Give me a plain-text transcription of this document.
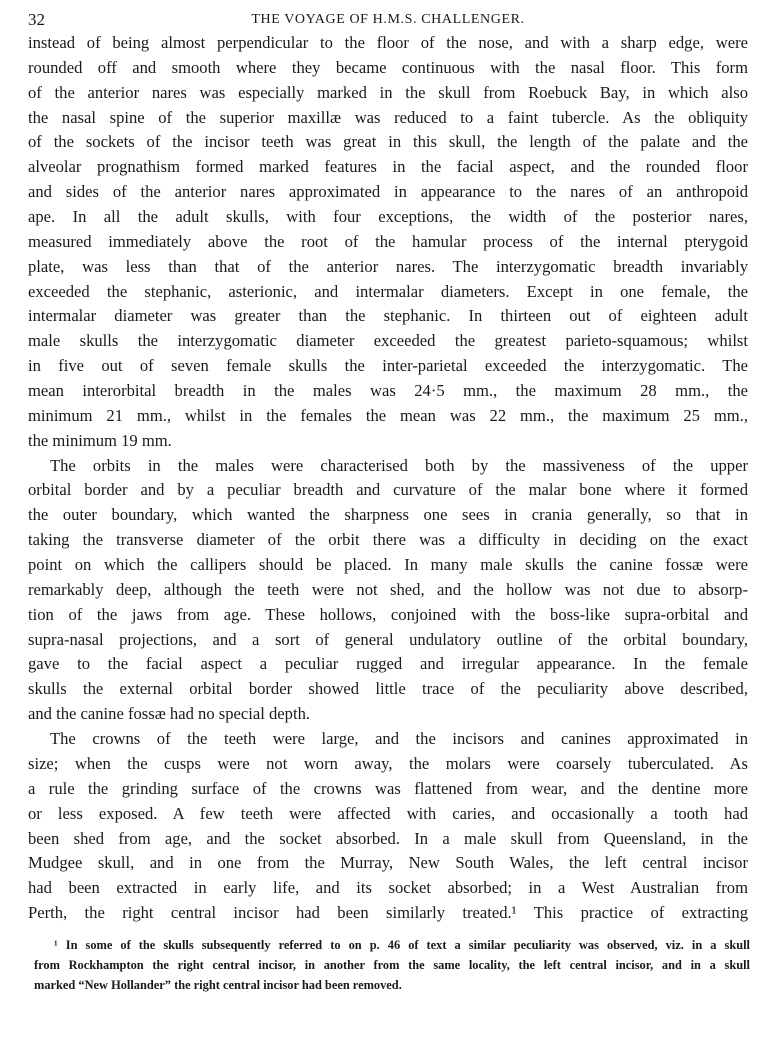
32	THE VOYAGE OF H.M.S. CHALLENGER.
instead of being almost perpendicular to the floor of the nose, and with a sharp edge, were
rounded off and smooth where they became continuous with the nasal floor. This form
of the anterior nares was especially marked in the skull from Roebuck Bay, in which also
the nasal spine of the superior maxillæ was reduced to a faint tubercle. As the obliquity
of the sockets of the incisor teeth was great in this skull, the length of the palate and the
alveolar prognathism formed marked features in the facial aspect, and the rounded floor
and sides of the anterior nares approximated in appearance to the nares of an anthropoid
ape. In all the adult skulls, with four exceptions, the width of the posterior nares,
measured immediately above the root of the hamular process of the internal pterygoid
plate, was less than that of the anterior nares. The interzygomatic breadth invariably
exceeded the stephanic, asterionic, and intermalar diameters. Except in one female, the
intermalar diameter was greater than the stephanic. In thirteen out of eighteen adult
male skulls the interzygomatic diameter exceeded the greatest parieto-squamous; whilst
in five out of seven female skulls the inter-parietal exceeded the interzygomatic. The
mean interorbital breadth in the males was 24·5 mm., the maximum 28 mm., the
minimum 21 mm., whilst in the females the mean was 22 mm., the maximum 25 mm.,
the minimum 19 mm.
The orbits in the males were characterised both by the massiveness of the upper
orbital border and by a peculiar breadth and curvature of the malar bone where it formed
the outer boundary, which wanted the sharpness one sees in crania generally, so that in
taking the transverse diameter of the orbit there was a difficulty in deciding on the exact
point on which the callipers should be placed. In many male skulls the canine fossæ were
remarkably deep, although the teeth were not shed, and the hollow was not due to absorp-
tion of the jaws from age. These hollows, conjoined with the boss-like supra-orbital and
supra-nasal projections, and a sort of general undulatory outline of the orbital boundary,
gave to the facial aspect a peculiar rugged and irregular appearance. In the female
skulls the external orbital border showed little trace of the peculiarity above described,
and the canine fossæ had no special depth.
The crowns of the teeth were large, and the incisors and canines approximated in
size; when the cusps were not worn away, the molars were coarsely tuberculated. As
a rule the grinding surface of the crowns was flattened from wear, and the dentine more
or less exposed. A few teeth were affected with caries, and occasionally a tooth had
been shed from age, and the socket absorbed. In a male skull from Queensland, in the
Mudgee skull, and in one from the Murray, New South Wales, the left central incisor
had been extracted in early life, and its socket absorbed; in a West Australian from
Perth, the right central incisor had been similarly treated.¹ This practice of extracting
¹ In some of the skulls subsequently referred to on p. 46 of text a similar peculiarity was observed, viz. in a skull
from Rockhampton the right central incisor, in another from the same locality, the left central incisor, and in a skull
marked “New Hollander” the right central incisor had been removed.
